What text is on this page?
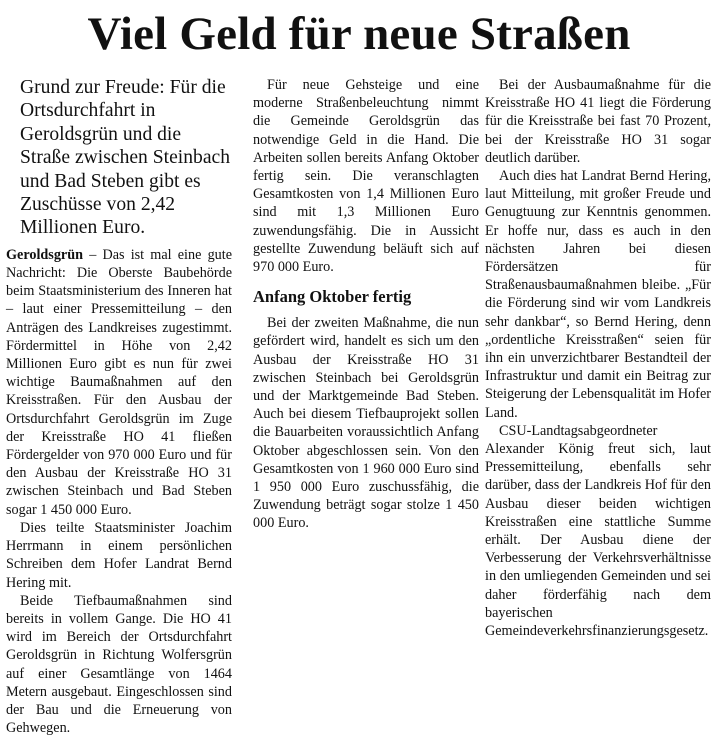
Viel Geld für neue Straßen
Grund zur Freude: Für die Ortsdurchfahrt in Geroldsgrün und die Straße zwischen Steinbach und Bad Steben gibt es Zuschüsse von 2,42 Millionen Euro.

Geroldsgrün – Das ist mal eine gute Nachricht: Die Oberste Baubehörde beim Staatsministerium des Inneren hat – laut einer Pressemitteilung – den Anträgen des Landkreises zugestimmt. Fördermittel in Höhe von 2,42 Millionen Euro gibt es nun für zwei wichtige Baumaßnahmen auf den Kreisstraßen. Für den Ausbau der Ortsdurchfahrt Geroldsgrün im Zuge der Kreisstraße HO 41 fließen Fördergelder von 970 000 Euro und für den Ausbau der Kreisstraße HO 31 zwischen Steinbach und Bad Steben sogar 1 450 000 Euro.

Dies teilte Staatsminister Joachim Herrmann in einem persönlichen Schreiben dem Hofer Landrat Bernd Hering mit.

Beide Tiefbaumaßnahmen sind bereits in vollem Gange. Die HO 41 wird im Bereich der Ortsdurchfahrt Geroldsgrün in Richtung Wolfersgrün auf einer Gesamtlänge von 1464 Metern ausgebaut. Eingeschlossen sind der Bau und die Erneuerung von Gehwegen.

Für neue Gehsteige und eine moderne Straßenbeleuchtung nimmt die Gemeinde Geroldsgrün das notwendige Geld in die Hand. Die Arbeiten sollen bereits Anfang Oktober fertig sein. Die veranschlagten Gesamtkosten von 1,4 Millionen Euro sind mit 1,3 Millionen Euro zuwendungsfähig. Die in Aussicht gestellte Zuwendung beläuft sich auf 970 000 Euro.

Anfang Oktober fertig

Bei der zweiten Maßnahme, die nun gefördert wird, handelt es sich um den Ausbau der Kreisstraße HO 31 zwischen Steinbach bei Geroldsgrün und der Marktgemeinde Bad Steben. Auch bei diesem Tiefbauprojekt sollen die Bauarbeiten voraussichtlich Anfang Oktober abgeschlossen sein. Von den Gesamtkosten von 1 960 000 Euro sind 1 950 000 Euro zuschussfähig, die Zuwendung beträgt sogar stolze 1 450 000 Euro.

Bei der Ausbaumaßnahme für die Kreisstraße HO 41 liegt die Förderung für die Kreisstraße bei fast 70 Prozent, bei der Kreisstraße HO 31 sogar deutlich darüber.

Auch dies hat Landrat Bernd Hering, laut Mitteilung, mit großer Freude und Genugtuung zur Kenntnis genommen. Er hoffe nur, dass es auch in den nächsten Jahren bei diesen Fördersätzen für Straßenausbaumaßnahmen bleibe. „Für die Förderung sind wir vom Landkreis sehr dankbar“, so Bernd Hering, denn „ordentliche Kreisstraßen“ seien für ihn ein unverzichtbarer Bestandteil der Infrastruktur und damit ein Beitrag zur Steigerung der Lebensqualität im Hofer Land.

CSU-Landtagsabgeordneter Alexander König freut sich, laut Pressemitteilung, ebenfalls sehr darüber, dass der Landkreis Hof für den Ausbau dieser beiden wichtigen Kreisstraßen eine stattliche Summe erhält. Der Ausbau diene der Verbesserung der Verkehrsverhältnisse in den umliegenden Gemeinden und sei daher förderfähig nach dem bayerischen Gemeindeverkehrsfinanzierungsgesetz.
